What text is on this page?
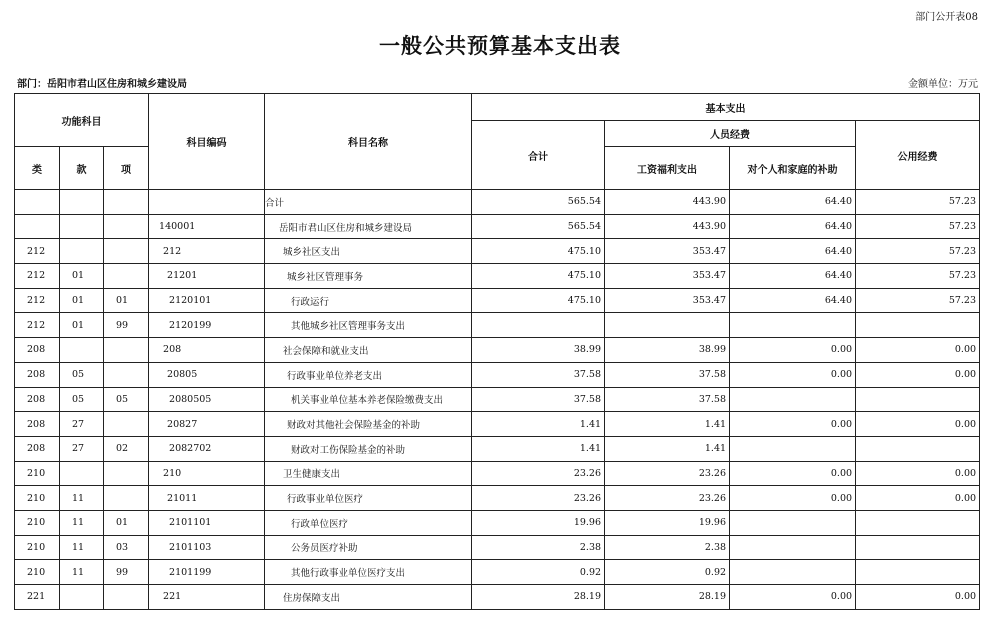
部门公开表08
一般公共预算基本支出表
部门：岳阳市君山区住房和城乡建设局	金额单位：万元
功能科目			科目编码	科目名称	基本支出			
					合计	人员经费		公用经费
类	款	项				工资福利支出	对个人和家庭的补助	
				合计	565.54	443.90	64.40	57.23
			140001	岳阳市君山区住房和城乡建设局	565.54	443.90	64.40	57.23
212			212	城乡社区支出	475.10	353.47	64.40	57.23
212	01		21201	城乡社区管理事务	475.10	353.47	64.40	57.23
212	01	01	2120101	行政运行	475.10	353.47	64.40	57.23
212	01	99	2120199	其他城乡社区管理事务支出				
208			208	社会保障和就业支出	38.99	38.99	0.00	0.00
208	05		20805	行政事业单位养老支出	37.58	37.58	0.00	0.00
208	05	05	2080505	机关事业单位基本养老保险缴费支出	37.58	37.58		
208	27		20827	财政对其他社会保险基金的补助	1.41	1.41	0.00	0.00
208	27	02	2082702	财政对工伤保险基金的补助	1.41	1.41		
210			210	卫生健康支出	23.26	23.26	0.00	0.00
210	11		21011	行政事业单位医疗	23.26	23.26	0.00	0.00
210	11	01	2101101	行政单位医疗	19.96	19.96		
210	11	03	2101103	公务员医疗补助	2.38	2.38		
210	11	99	2101199	其他行政事业单位医疗支出	0.92	0.92		
221			221	住房保障支出	28.19	28.19	0.00	0.00
